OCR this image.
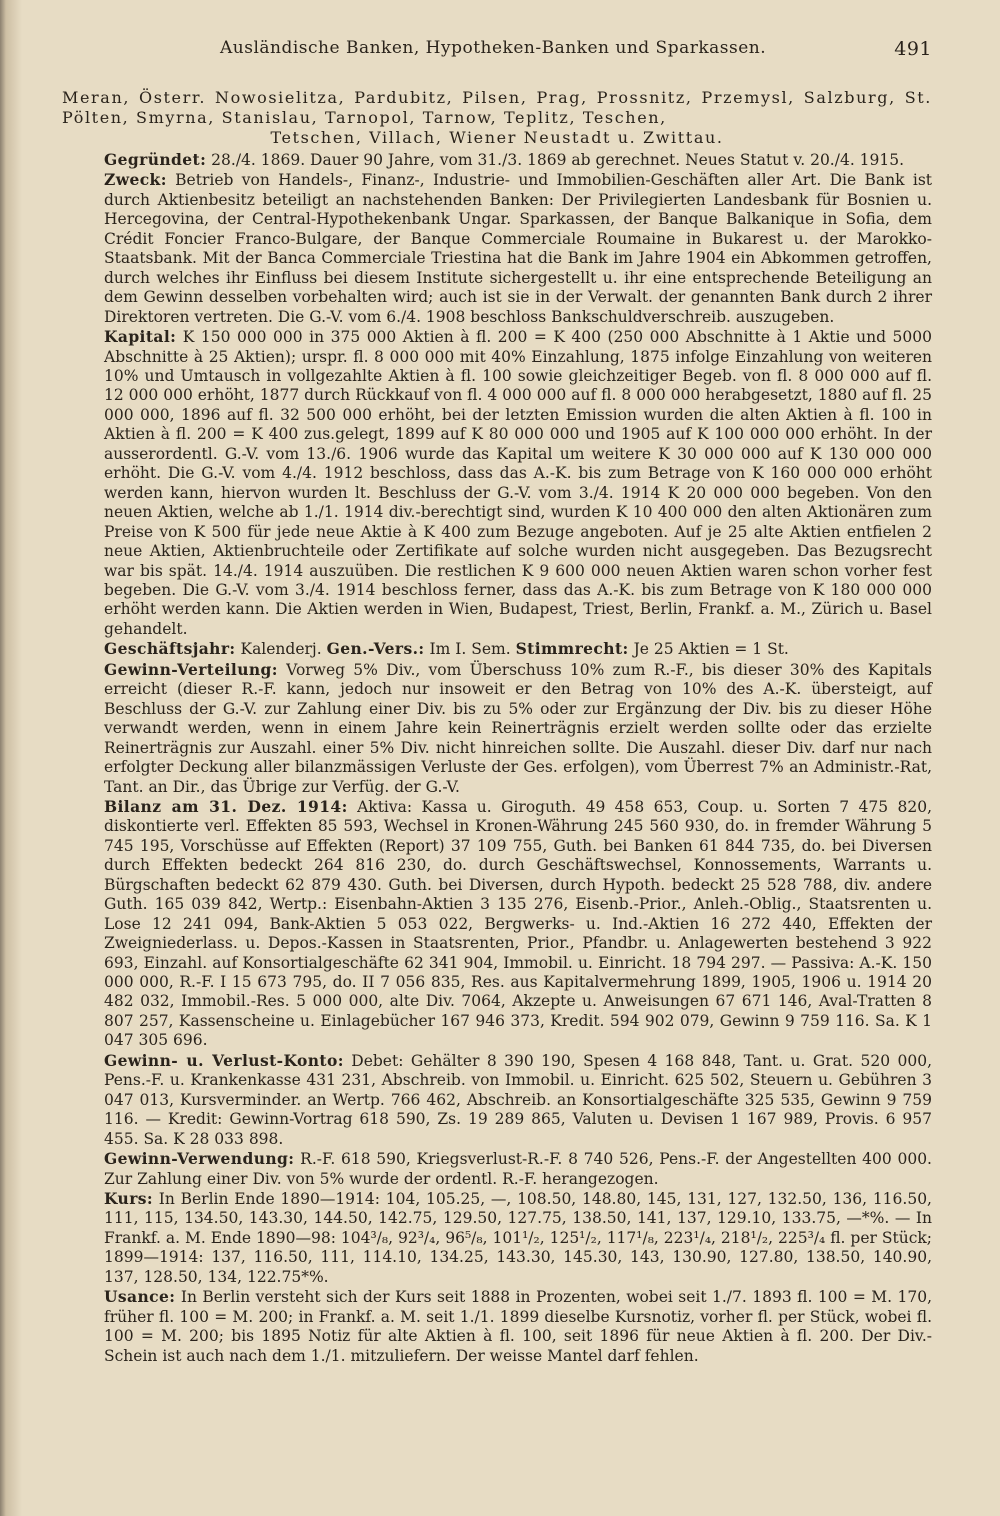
Ausländische Banken, Hypotheken-Banken und Sparkassen.	491
Meran, Österr. Nowosielitza, Pardubitz, Pilsen, Prag, Prossnitz, Przemysl, Salzburg, St. Pölten, Smyrna, Stanislau, Tarnopol, Tarnow, Teplitz, Teschen,
Tetschen, Villach, Wiener Neustadt u. Zwittau.

Gegründet: 28./4. 1869. Dauer 90 Jahre, vom 31./3. 1869 ab gerechnet. Neues Statut v. 20./4. 1915.

Zweck: Betrieb von Handels-, Finanz-, Industrie- und Immobilien-Geschäften aller Art. Die Bank ist durch Aktienbesitz beteiligt an nachstehenden Banken: Der Privilegierten Landesbank für Bosnien u. Hercegovina, der Central-Hypothekenbank Ungar. Sparkassen, der Banque Balkanique in Sofia, dem Crédit Foncier Franco-Bulgare, der Banque Commerciale Roumaine in Bukarest u. der Marokko-Staatsbank. Mit der Banca Commerciale Triestina hat die Bank im Jahre 1904 ein Abkommen getroffen, durch welches ihr Einfluss bei diesem Institute sichergestellt u. ihr eine entsprechende Beteiligung an dem Gewinn desselben vorbehalten wird; auch ist sie in der Verwalt. der genannten Bank durch 2 ihrer Direktoren vertreten. Die G.-V. vom 6./4. 1908 beschloss Bankschuldverschreib. auszugeben.

Kapital: K 150 000 000 in 375 000 Aktien à fl. 200 = K 400 (250 000 Abschnitte à 1 Aktie und 5000 Abschnitte à 25 Aktien); urspr. fl. 8 000 000 mit 40% Einzahlung, 1875 infolge Einzahlung von weiteren 10% und Umtausch in vollgezahlte Aktien à fl. 100 sowie gleichzeitiger Begeb. von fl. 8 000 000 auf fl. 12 000 000 erhöht, 1877 durch Rückkauf von fl. 4 000 000 auf fl. 8 000 000 herabgesetzt, 1880 auf fl. 25 000 000, 1896 auf fl. 32 500 000 erhöht, bei der letzten Emission wurden die alten Aktien à fl. 100 in Aktien à fl. 200 = K 400 zus.gelegt, 1899 auf K 80 000 000 und 1905 auf K 100 000 000 erhöht. In der ausserordentl. G.-V. vom 13./6. 1906 wurde das Kapital um weitere K 30 000 000 auf K 130 000 000 erhöht. Die G.-V. vom 4./4. 1912 beschloss, dass das A.-K. bis zum Betrage von K 160 000 000 erhöht werden kann, hiervon wurden lt. Beschluss der G.-V. vom 3./4. 1914 K 20 000 000 begeben. Von den neuen Aktien, welche ab 1./1. 1914 div.-berechtigt sind, wurden K 10 400 000 den alten Aktionären zum Preise von K 500 für jede neue Aktie à K 400 zum Bezuge angeboten. Auf je 25 alte Aktien entfielen 2 neue Aktien, Aktienbruchteile oder Zertifikate auf solche wurden nicht ausgegeben. Das Bezugsrecht war bis spät. 14./4. 1914 auszuüben. Die restlichen K 9 600 000 neuen Aktien waren schon vorher fest begeben. Die G.-V. vom 3./4. 1914 beschloss ferner, dass das A.-K. bis zum Betrage von K 180 000 000 erhöht werden kann. Die Aktien werden in Wien, Budapest, Triest, Berlin, Frankf. a. M., Zürich u. Basel gehandelt.

Geschäftsjahr: Kalenderj. Gen.-Vers.: Im I. Sem. Stimmrecht: Je 25 Aktien = 1 St.

Gewinn-Verteilung: Vorweg 5% Div., vom Überschuss 10% zum R.-F., bis dieser 30% des Kapitals erreicht (dieser R.-F. kann, jedoch nur insoweit er den Betrag von 10% des A.-K. übersteigt, auf Beschluss der G.-V. zur Zahlung einer Div. bis zu 5% oder zur Ergänzung der Div. bis zu dieser Höhe verwandt werden, wenn in einem Jahre kein Reinerträgnis erzielt werden sollte oder das erzielte Reinerträgnis zur Auszahl. einer 5% Div. nicht hinreichen sollte. Die Auszahl. dieser Div. darf nur nach erfolgter Deckung aller bilanzmässigen Verluste der Ges. erfolgen), vom Überrest 7% an Administr.-Rat, Tant. an Dir., das Übrige zur Verfüg. der G.-V.

Bilanz am 31. Dez. 1914: Aktiva: Kassa u. Giroguth. 49 458 653, Coup. u. Sorten 7 475 820, diskontierte verl. Effekten 85 593, Wechsel in Kronen-Währung 245 560 930, do. in fremder Währung 5 745 195, Vorschüsse auf Effekten (Report) 37 109 755, Guth. bei Banken 61 844 735, do. bei Diversen durch Effekten bedeckt 264 816 230, do. durch Geschäftswechsel, Konnossements, Warrants u. Bürgschaften bedeckt 62 879 430. Guth. bei Diversen, durch Hypoth. bedeckt 25 528 788, div. andere Guth. 165 039 842, Wertp.: Eisenbahn-Aktien 3 135 276, Eisenb.-Prior., Anleh.-Oblig., Staatsrenten u. Lose 12 241 094, Bank-Aktien 5 053 022, Bergwerks- u. Ind.-Aktien 16 272 440, Effekten der Zweigniederlass. u. Depos.-Kassen in Staatsrenten, Prior., Pfandbr. u. Anlagewerten bestehend 3 922 693, Einzahl. auf Konsortialgeschäfte 62 341 904, Immobil. u. Einricht. 18 794 297. — Passiva: A.-K. 150 000 000, R.-F. I 15 673 795, do. II 7 056 835, Res. aus Kapitalvermehrung 1899, 1905, 1906 u. 1914 20 482 032, Immobil.-Res. 5 000 000, alte Div. 7064, Akzepte u. Anweisungen 67 671 146, Aval-Tratten 8 807 257, Kassenscheine u. Einlagebücher 167 946 373, Kredit. 594 902 079, Gewinn 9 759 116. Sa. K 1 047 305 696.

Gewinn- u. Verlust-Konto: Debet: Gehälter 8 390 190, Spesen 4 168 848, Tant. u. Grat. 520 000, Pens.-F. u. Krankenkasse 431 231, Abschreib. von Immobil. u. Einricht. 625 502, Steuern u. Gebühren 3 047 013, Kursverminder. an Wertp. 766 462, Abschreib. an Konsortialgeschäfte 325 535, Gewinn 9 759 116. — Kredit: Gewinn-Vortrag 618 590, Zs. 19 289 865, Valuten u. Devisen 1 167 989, Provis. 6 957 455. Sa. K 28 033 898.

Gewinn-Verwendung: R.-F. 618 590, Kriegsverlust-R.-F. 8 740 526, Pens.-F. der Angestellten 400 000. Zur Zahlung einer Div. von 5% wurde der ordentl. R.-F. herangezogen.

Kurs: In Berlin Ende 1890—1914: 104, 105.25, —, 108.50, 148.80, 145, 131, 127, 132.50, 136, 116.50, 111, 115, 134.50, 143.30, 144.50, 142.75, 129.50, 127.75, 138.50, 141, 137, 129.10, 133.75, —*%. — In Frankf. a. M. Ende 1890—98: 104³/₈, 92³/₄, 96⁵/₈, 101¹/₂, 125¹/₂, 117¹/₈, 223¹/₄, 218¹/₂, 225³/₄ fl. per Stück; 1899—1914: 137, 116.50, 111, 114.10, 134.25, 143.30, 145.30, 143, 130.90, 127.80, 138.50, 140.90, 137, 128.50, 134, 122.75*%.

Usance: In Berlin versteht sich der Kurs seit 1888 in Prozenten, wobei seit 1./7. 1893 fl. 100 = M. 170, früher fl. 100 = M. 200; in Frankf. a. M. seit 1./1. 1899 dieselbe Kursnotiz, vorher fl. per Stück, wobei fl. 100 = M. 200; bis 1895 Notiz für alte Aktien à fl. 100, seit 1896 für neue Aktien à fl. 200. Der Div.-Schein ist auch nach dem 1./1. mitzuliefern. Der weisse Mantel darf fehlen.
